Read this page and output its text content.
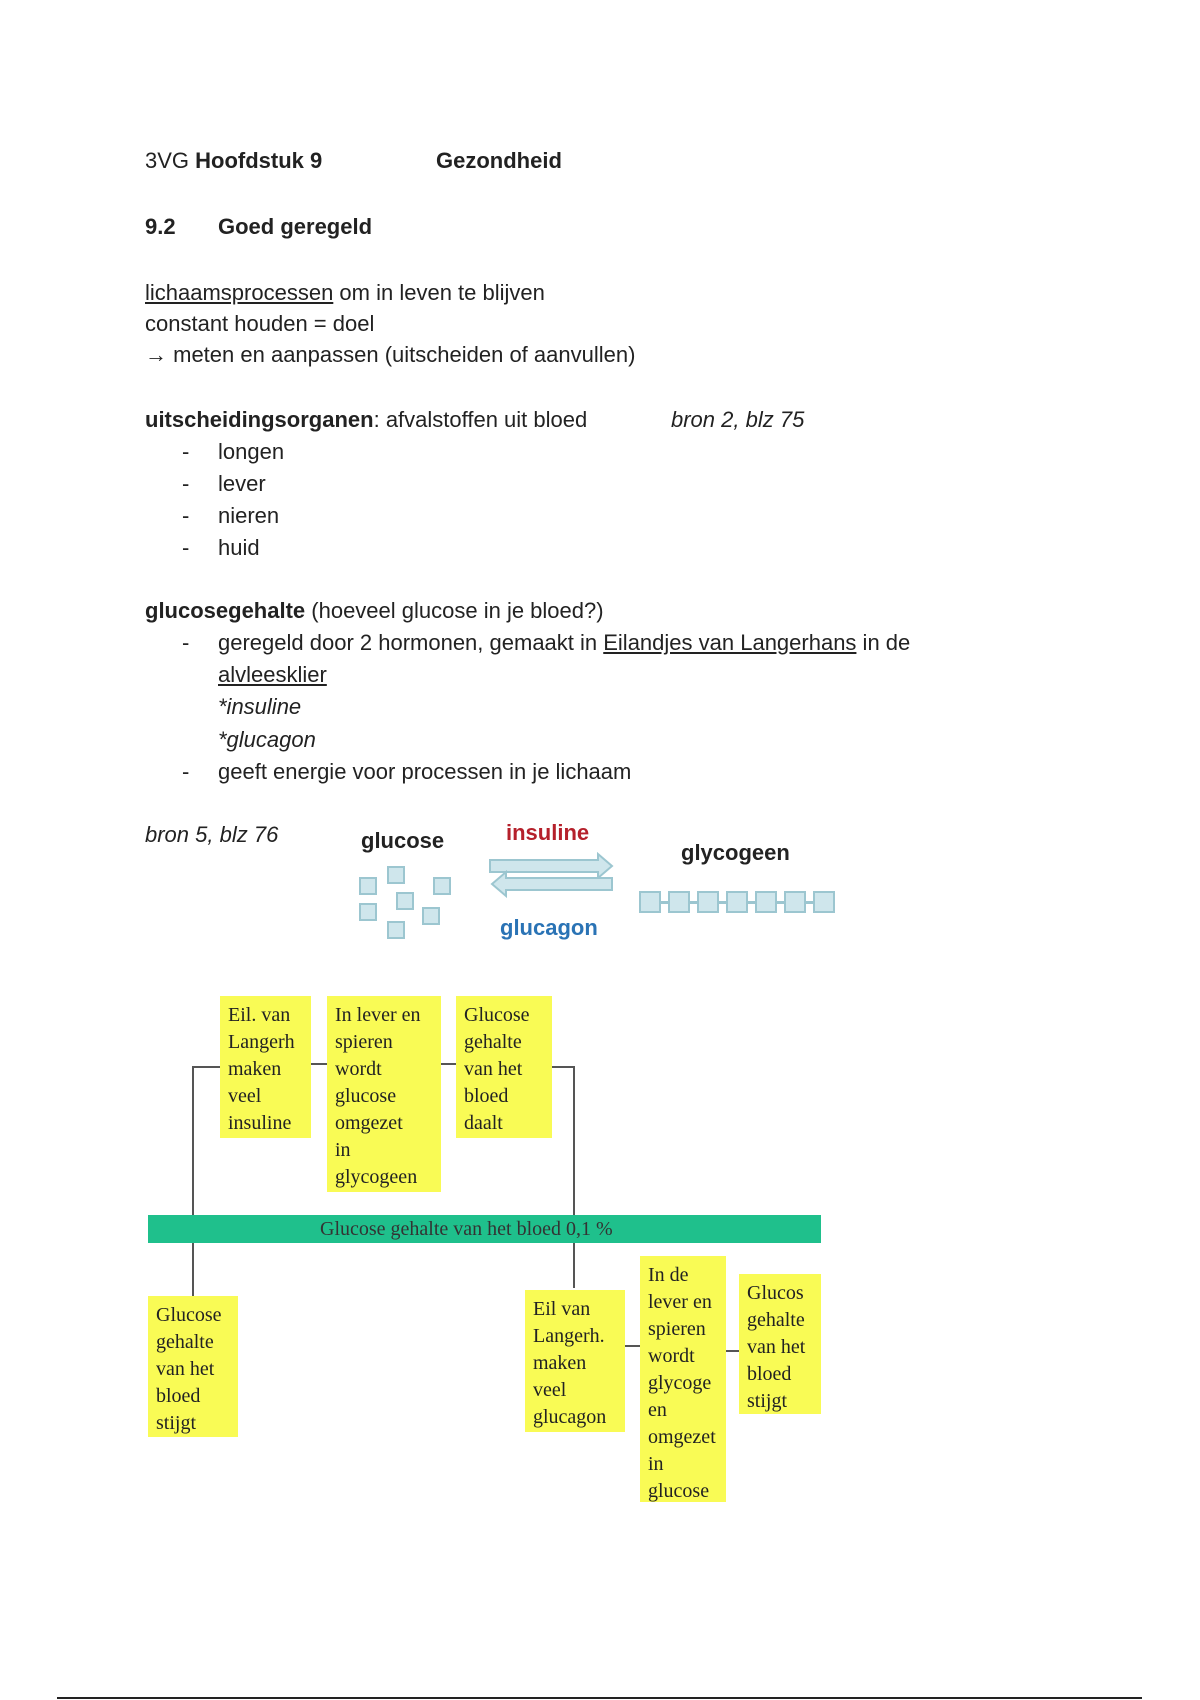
3VG Hoofdstuk 9	Gezondheid
9.2 Goed geregeld
lichaamsprocessen om in leven te blijven
constant houden = doel
→ meten en aanpassen (uitscheiden of aanvullen)
uitscheidingsorganen: afvalstoffen uit bloed	bron 2, blz 75
- longen
- lever
- nieren
- huid
glucosegehalte (hoeveel glucose in je bloed?)
- geregeld door 2 hormonen, gemaakt in Eilandjes van Langerhans in de
alvleesklier
*insuline
*glucagon
- geeft energie voor processen in je lichaam
bron 5, blz 76	glucose	insuline
glucagon
glycogeen
Glucose gehalte van het bloed 0,1 %
Eil. van
Langerh
maken
veel
insuline
In lever en
spieren
wordt
glucose
omgezet
in
glycogeen
Glucose
gehalte
van het
bloed
daalt
Glucose
gehalte
van het
bloed
stijgt
Eil van
Langerh.
maken
veel
glucagon
In de
lever en
spieren
wordt
glycoge
en
omgezet
in
glucose
Glucos
gehalte
van het
bloed
stijgt
